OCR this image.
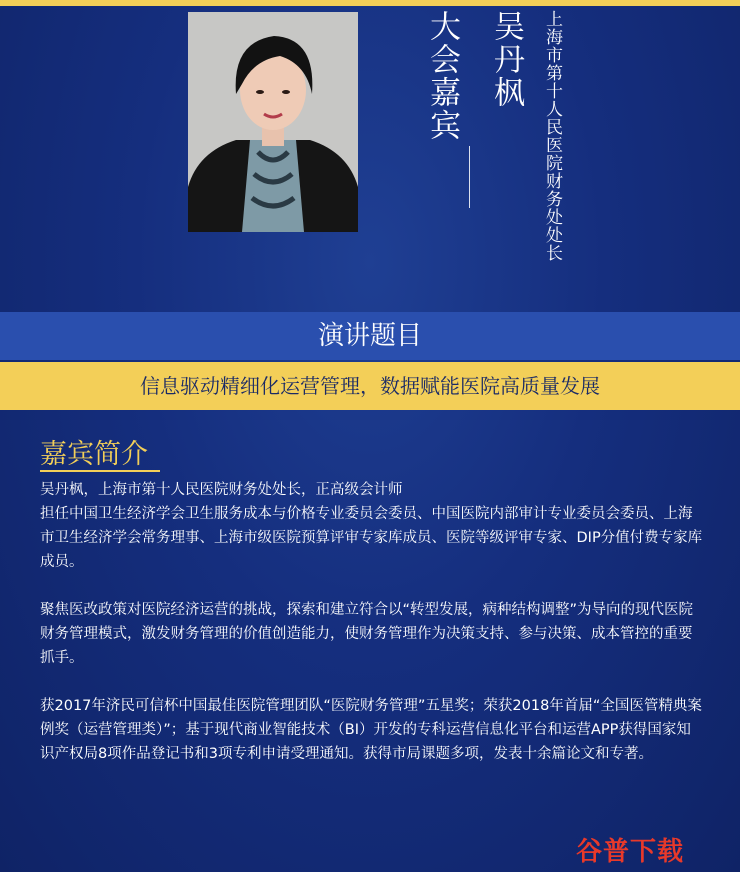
大会嘉宾 吴丹枫 上海市第十人民医院财务处处长
演讲题目
信息驱动精细化运营管理，数据赋能医院高质量发展
嘉宾简介

吴丹枫，上海市第十人民医院财务处处长，正高级会计师
担任中国卫生经济学会卫生服务成本与价格专业委员会委员、中国医院内部审计专业委员会委员、上海市卫生经济学会常务理事、上海市级医院预算评审专家库成员、医院等级评审专家、DIP分值付费专家库成员。

聚焦医改政策对医院经济运营的挑战，探索和建立符合以“转型发展，病种结构调整”为导向的现代医院财务管理模式，激发财务管理的价值创造能力，使财务管理作为决策支持、参与决策、成本管控的重要抓手。

获2017年济民可信杯中国最佳医院管理团队“医院财务管理”五星奖；荣获2018年首届“全国医管精典案例奖（运营管理类）”；基于现代商业智能技术（BI）开发的专科运营信息化平台和运营APP获得国家知识产权局8项作品登记书和3项专利申请受理通知。获得市局课题多项，发表十余篇论文和专著。

谷普下载
